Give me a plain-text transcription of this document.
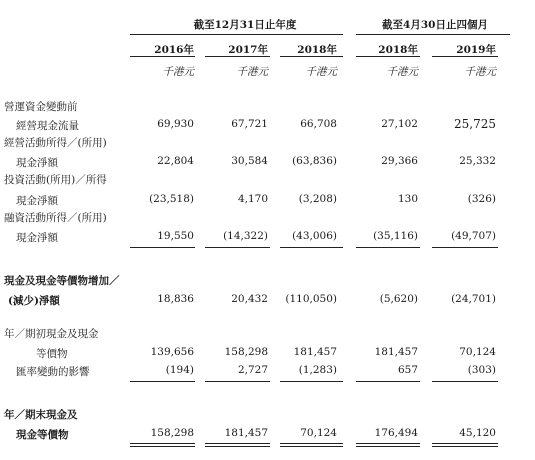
截至12月31日止年度	截至4月30日止四個月
2016年	2017年	2018年	2018年	2019年
千港元	千港元	千港元	千港元	千港元
營運資金變動前
經營現金流量	69,930	67,721	66,708	27,102	25,725
經營活動所得／(所用)
現金淨額	22,804	30,584	(63,836)	29,366	25,332
投資活動(所用)／所得
現金淨額	(23,518)	4,170	(3,208)	130	(326)
融資活動所得／(所用)
現金淨額	19,550	(14,322)	(43,006)	(35,116)	(49,707)
現金及現金等價物增加／
(減少)淨額	18,836	20,432	(110,050)	(5,620)	(24,701)
年／期初現金及現金
等價物	139,656	158,298	181,457	181,457	70,124
匯率變動的影響	(194)	2,727	(1,283)	657	(303)
年／期末現金及
現金等價物	158,298	181,457	70,124	176,494	45,120
